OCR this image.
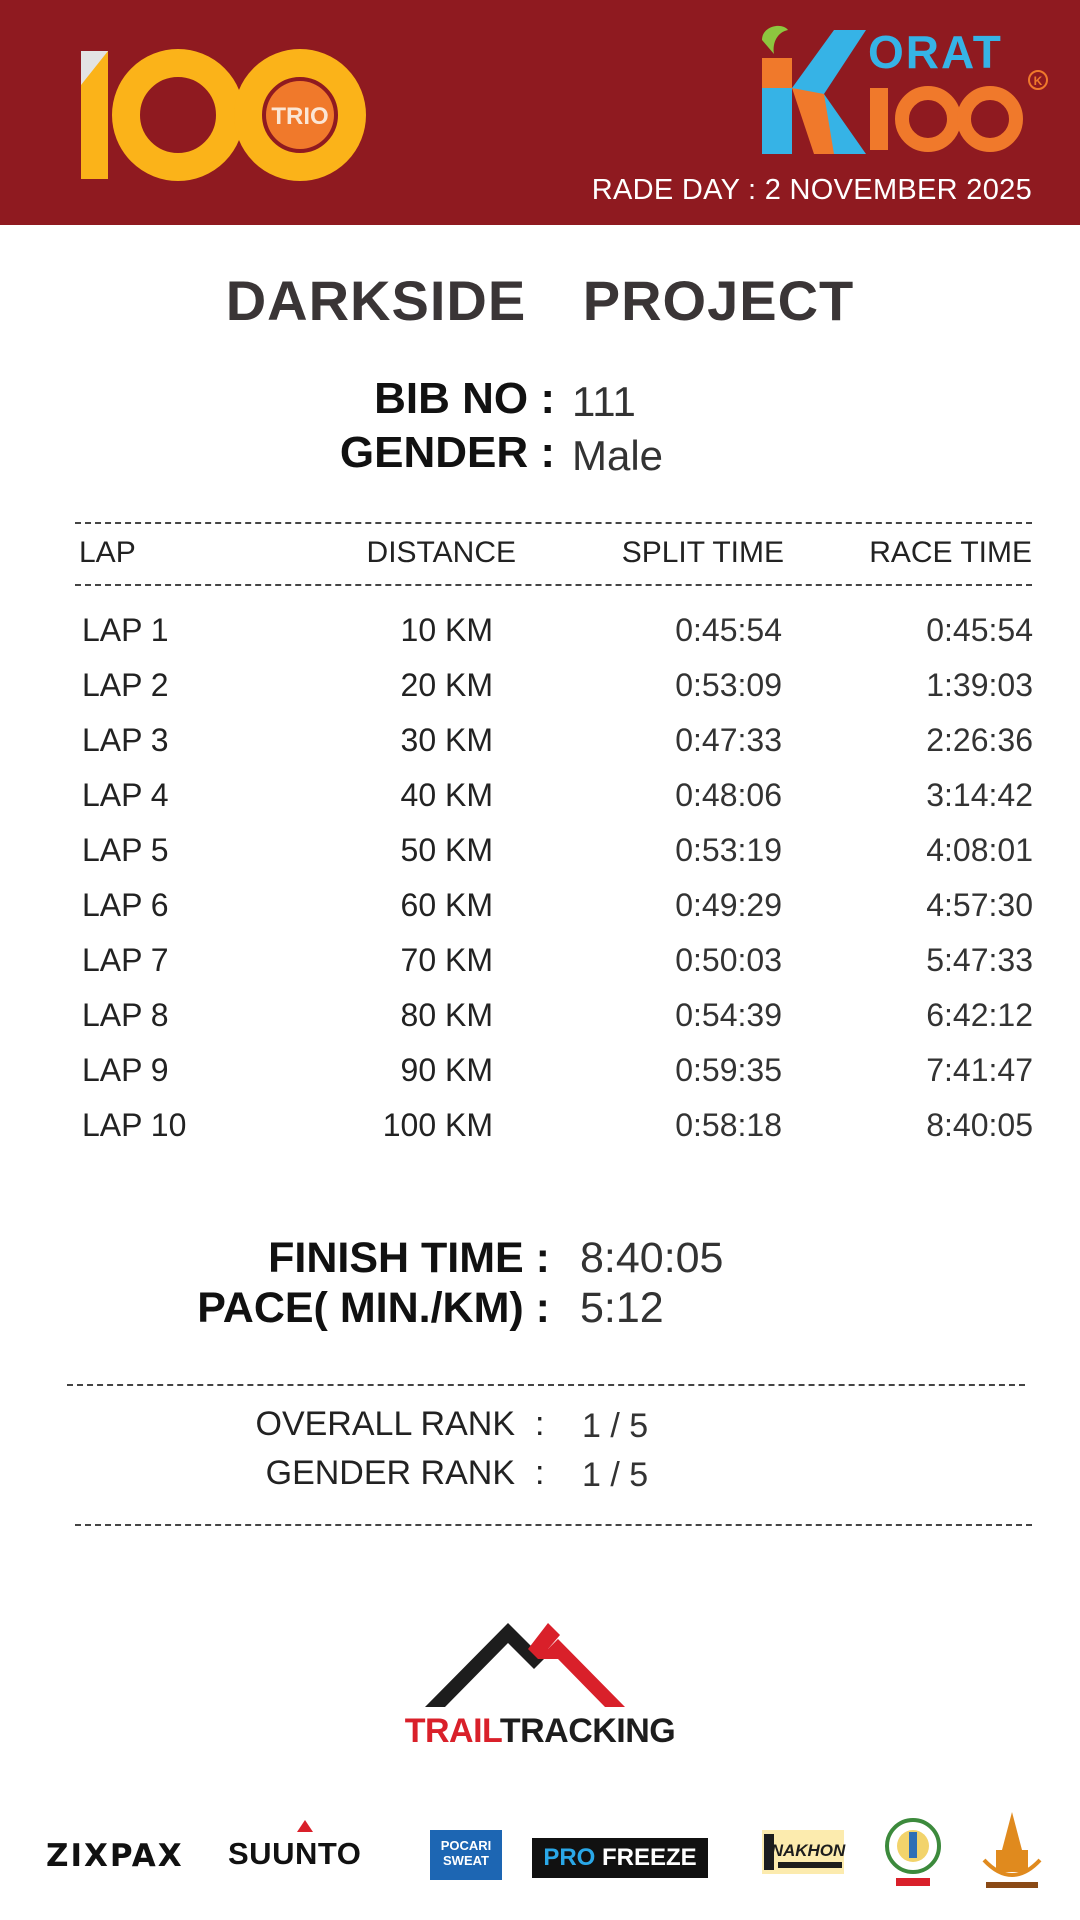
TRIO
ORAT
K
RADE DAY : 2 NOVEMBER 2025
DARKSIDE PROJECT
BIB NO : 111
GENDER : Male
LAP	DISTANCE	SPLIT TIME	RACE TIME
LAP 1	10 KM	0:45:54	0:45:54
LAP 2	20 KM	0:53:09	1:39:03
LAP 3	30 KM	0:47:33	2:26:36
LAP 4	40 KM	0:48:06	3:14:42
LAP 5	50 KM	0:53:19	4:08:01
LAP 6	60 KM	0:49:29	4:57:30
LAP 7	70 KM	0:50:03	5:47:33
LAP 8	80 KM	0:54:39	6:42:12
LAP 9	90 KM	0:59:35	7:41:47
LAP 10	100 KM	0:58:18	8:40:05
FINISH TIME : 8:40:05
PACE( MIN./KM) : 5:12
OVERALL RANK : 1 / 5
GENDER RANK : 1 / 5
TRAILTRACKING
ZIXPAX SUUNTO	POCARI SWEAT	PRO FREEZE	NAKHON
